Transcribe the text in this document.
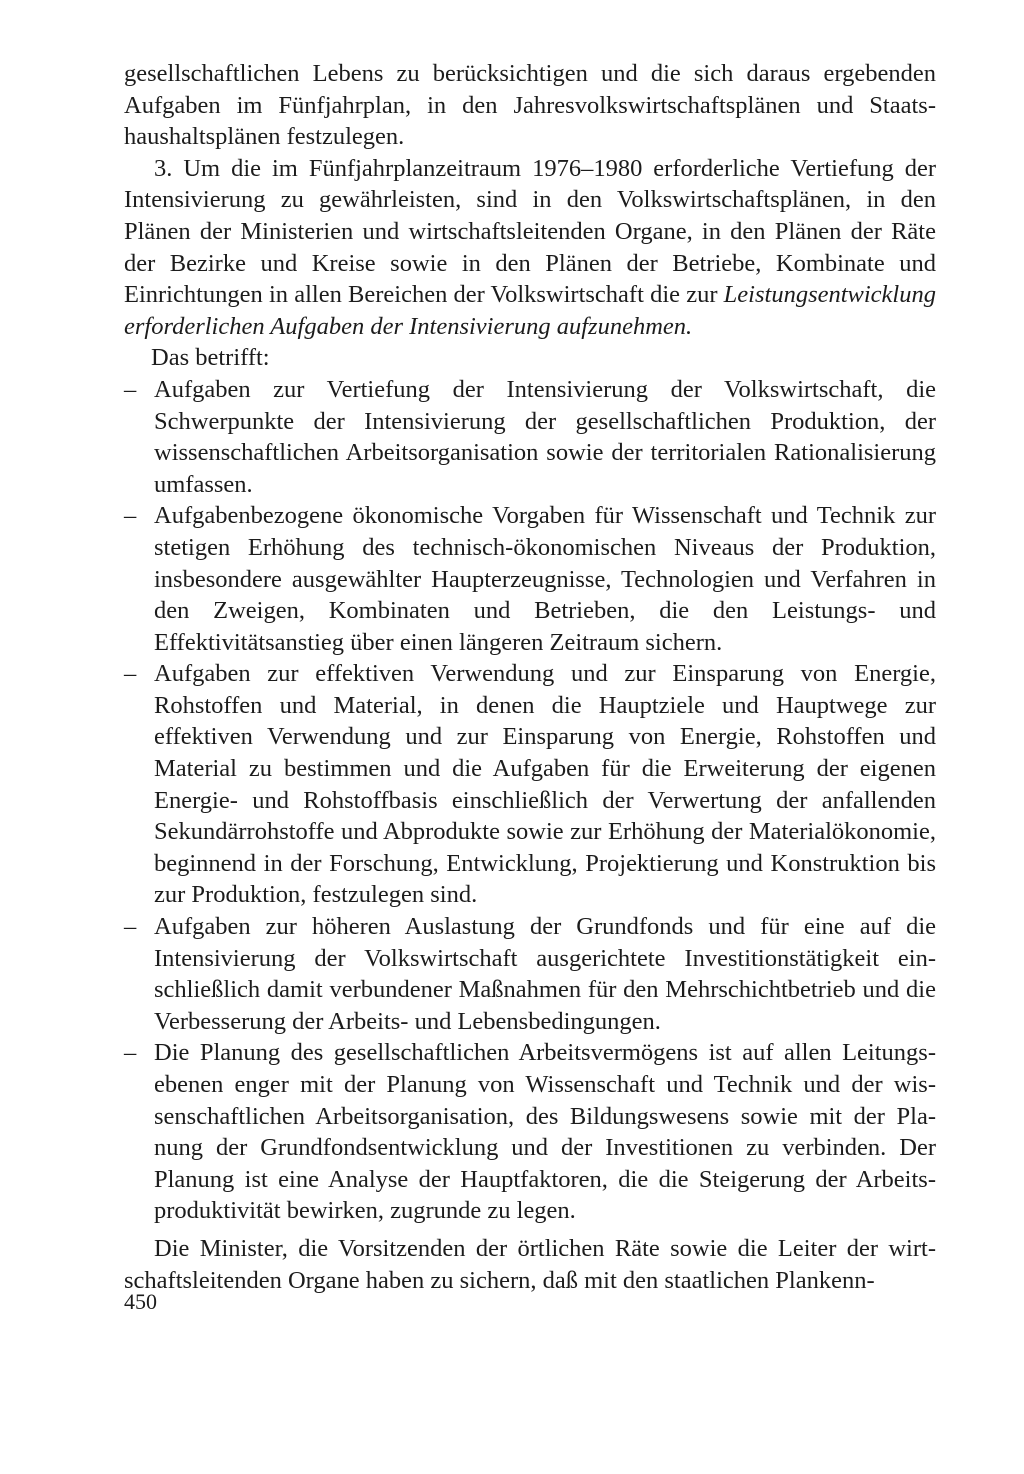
gesellschaftlichen Lebens zu berücksichtigen und die sich daraus ergebenden Aufgaben im Fünfjahrplan, in den Jahresvolkswirtschaftsplänen und Staatshaushaltsplänen festzulegen.

3. Um die im Fünfjahrplanzeitraum 1976–1980 erforderliche Vertiefung der Intensivierung zu gewährleisten, sind in den Volkswirtschaftsplänen, in den Plänen der Ministerien und wirtschaftsleitenden Organe, in den Plänen der Räte der Bezirke und Kreise sowie in den Plänen der Betriebe, Kombinate und Einrichtungen in allen Bereichen der Volkswirtschaft die zur Leistungsentwicklung erforderlichen Aufgaben der Intensivierung aufzunehmen.

Das betrifft:

– Aufgaben zur Vertiefung der Intensivierung der Volkswirtschaft, die Schwerpunkte der Intensivierung der gesellschaftlichen Produktion, der wissenschaftlichen Arbeitsorganisation sowie der territorialen Rationalisierung umfassen.
– Aufgabenbezogene ökonomische Vorgaben für Wissenschaft und Technik zur stetigen Erhöhung des technisch-ökonomischen Niveaus der Produktion, insbesondere ausgewählter Haupterzeugnisse, Technologien und Verfahren in den Zweigen, Kombinaten und Betrieben, die den Leistungs- und Effektivitätsanstieg über einen längeren Zeitraum sichern.
– Aufgaben zur effektiven Verwendung und zur Einsparung von Energie, Rohstoffen und Material, in denen die Hauptziele und Hauptwege zur effektiven Verwendung und zur Einsparung von Energie, Rohstoffen und Material zu bestimmen und die Aufgaben für die Erweiterung der eigenen Energie- und Rohstoffbasis einschließlich der Verwertung der anfallenden Sekundärrohstoffe und Abprodukte sowie zur Erhöhung der Materialökonomie, beginnend in der Forschung, Entwicklung, Projektierung und Konstruktion bis zur Produktion, festzulegen sind.
– Aufgaben zur höheren Auslastung der Grundfonds und für eine auf die Intensivierung der Volkswirtschaft ausgerichtete Investitionstätigkeit einschließlich damit verbundener Maßnahmen für den Mehrschichtbetrieb und die Verbesserung der Arbeits- und Lebensbedingungen.
– Die Planung des gesellschaftlichen Arbeitsvermögens ist auf allen Leitungsebenen enger mit der Planung von Wissenschaft und Technik und der wissenschaftlichen Arbeitsorganisation, des Bildungswesens sowie mit der Planung der Grundfondsentwicklung und der Investitionen zu verbinden. Der Planung ist eine Analyse der Hauptfaktoren, die die Steigerung der Arbeitsproduktivität bewirken, zugrunde zu legen.

Die Minister, die Vorsitzenden der örtlichen Räte sowie die Leiter der wirtschaftsleitenden Organe haben zu sichern, daß mit den staatlichen Plankenn-

450
